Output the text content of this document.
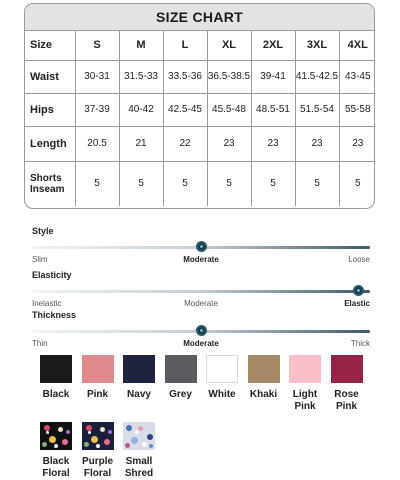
SIZE CHART
Size	S	M	L	XL	2XL	3XL	4XL
Waist	30-31	31.5-33	33.5-36	36.5-38.5	39-41	41.5-42.5	43-45
Hips	37-39	40-42	42.5-45	45.5-48	48.5-51	51.5-54	55-58
Length	20.5	21	22	23	23	23	23

Shorts
Inseam	5	5	5	5	5	5	5
Style
Slim	Moderate	Loose
Elasticity
Inelastic	Moderate	Elastic
Thickness
Thin	Moderate	Thick
Black	Pink	Navy	Grey	White	Khaki	Light
Pink
Rose
Pink
Black
Floral
Purple
Floral
Small
Shred
